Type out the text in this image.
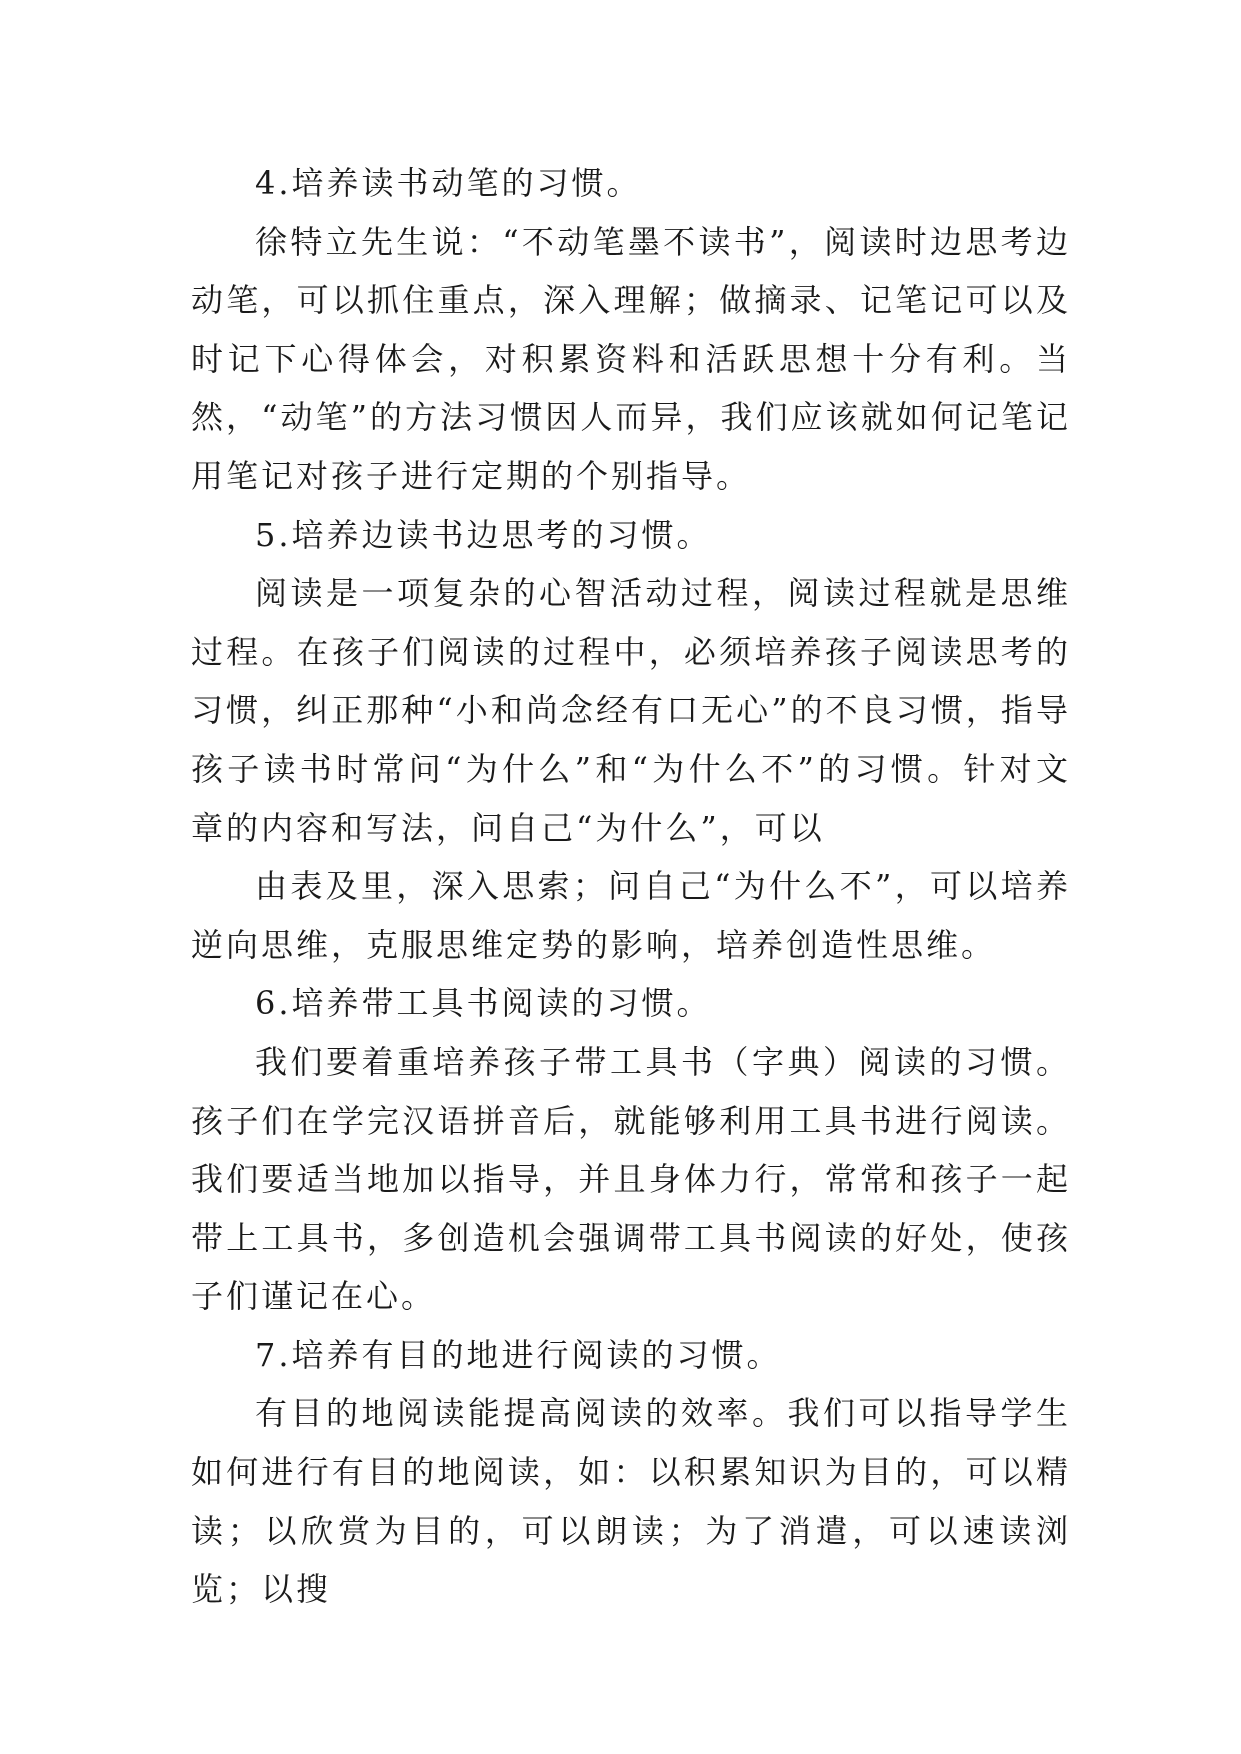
4.培养读书动笔的习惯。

徐特立先生说：“不动笔墨不读书”，阅读时边思考边动笔，可以抓住重点，深入理解；做摘录、记笔记可以及时记下心得体会，对积累资料和活跃思想十分有利。当然，“动笔”的方法习惯因人而异，我们应该就如何记笔记用笔记对孩子进行定期的个别指导。

5.培养边读书边思考的习惯。

阅读是一项复杂的心智活动过程，阅读过程就是思维过程。在孩子们阅读的过程中，必须培养孩子阅读思考的习惯，纠正那种“小和尚念经有口无心”的不良习惯，指导孩子读书时常问“为什么”和“为什么不”的习惯。针对文章的内容和写法，问自己“为什么”，可以

由表及里，深入思索；问自己“为什么不”，可以培养逆向思维，克服思维定势的影响，培养创造性思维。

6.培养带工具书阅读的习惯。

我们要着重培养孩子带工具书（字典）阅读的习惯。孩子们在学完汉语拼音后，就能够利用工具书进行阅读。我们要适当地加以指导，并且身体力行，常常和孩子一起带上工具书，多创造机会强调带工具书阅读的好处，使孩子们谨记在心。

7.培养有目的地进行阅读的习惯。

有目的地阅读能提高阅读的效率。我们可以指导学生如何进行有目的地阅读，如：以积累知识为目的，可以精读；以欣赏为目的，可以朗读；为了消遣，可以速读浏览；以搜
